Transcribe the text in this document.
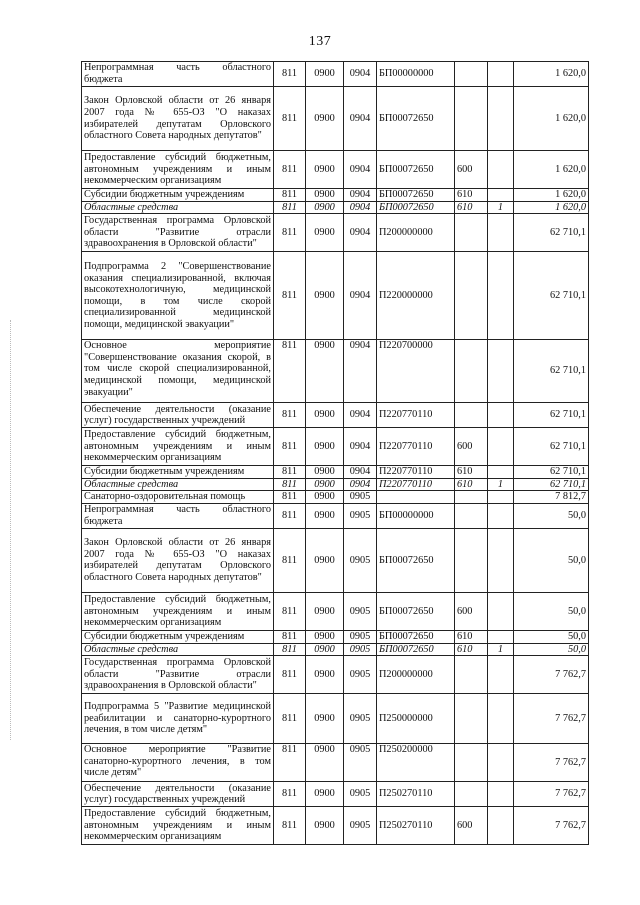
137
Непрограммная часть областного бюджета	811	0900	0904	БП00000000			1 620,0
Закон Орловской области от 26 января 2007 года № 655-ОЗ "О наказах избирателей депутатам Орловского областного Совета народных депутатов"	811	0900	0904	БП00072650			1 620,0
Предоставление субсидий бюджетным, автономным учреждениям и иным некоммерческим организациям	811	0900	0904	БП00072650	600		1 620,0
Субсидии бюджетным учреждениям	811	0900	0904	БП00072650	610		1 620,0
Областные средства	811	0900	0904	БП00072650	610	1	1 620,0
Государственная программа Орловской области "Развитие отрасли здравоохранения в Орловской области"	811	0900	0904	П200000000			62 710,1
Подпрограмма 2 "Совершенствование оказания специализированной, включая высокотехнологичную, медицинской помощи, в том числе скорой специализированной медицинской помощи, медицинской эвакуации"	811	0900	0904	П220000000			62 710,1
Основное мероприятие "Совершенствование оказания скорой, в том числе скорой специализированной, медицинской помощи, медицинской эвакуации"	811	0900	0904	П220700000			62 710,1
Обеспечение деятельности (оказание услуг) государственных учреждений	811	0900	0904	П220770110			62 710,1
Предоставление субсидий бюджетным, автономным учреждениям и иным некоммерческим организациям	811	0900	0904	П220770110	600		62 710,1
Субсидии бюджетным учреждениям	811	0900	0904	П220770110	610		62 710,1
Областные средства	811	0900	0904	П220770110	610	1	62 710,1
Санаторно-оздоровительная помощь	811	0900	0905				7 812,7
Непрограммная часть областного бюджета	811	0900	0905	БП00000000			50,0
Закон Орловской области от 26 января 2007 года № 655-ОЗ "О наказах избирателей депутатам Орловского областного Совета народных депутатов"	811	0900	0905	БП00072650			50,0
Предоставление субсидий бюджетным, автономным учреждениям и иным некоммерческим организациям	811	0900	0905	БП00072650	600		50,0
Субсидии бюджетным учреждениям	811	0900	0905	БП00072650	610		50,0
Областные средства	811	0900	0905	БП00072650	610	1	50,0
Государственная программа Орловской области "Развитие отрасли здравоохранения в Орловской области"	811	0900	0905	П200000000			7 762,7
Подпрограмма 5 "Развитие медицинской реабилитации и санаторно-курортного лечения, в том числе детям"	811	0900	0905	П250000000			7 762,7
Основное мероприятие "Развитие санаторно-курортного лечения, в том числе детям"	811	0900	0905	П250200000			7 762,7
Обеспечение деятельности (оказание услуг) государственных учреждений	811	0900	0905	П250270110			7 762,7
Предоставление субсидий бюджетным, автономным учреждениям и иным некоммерческим организациям	811	0900	0905	П250270110	600		7 762,7
